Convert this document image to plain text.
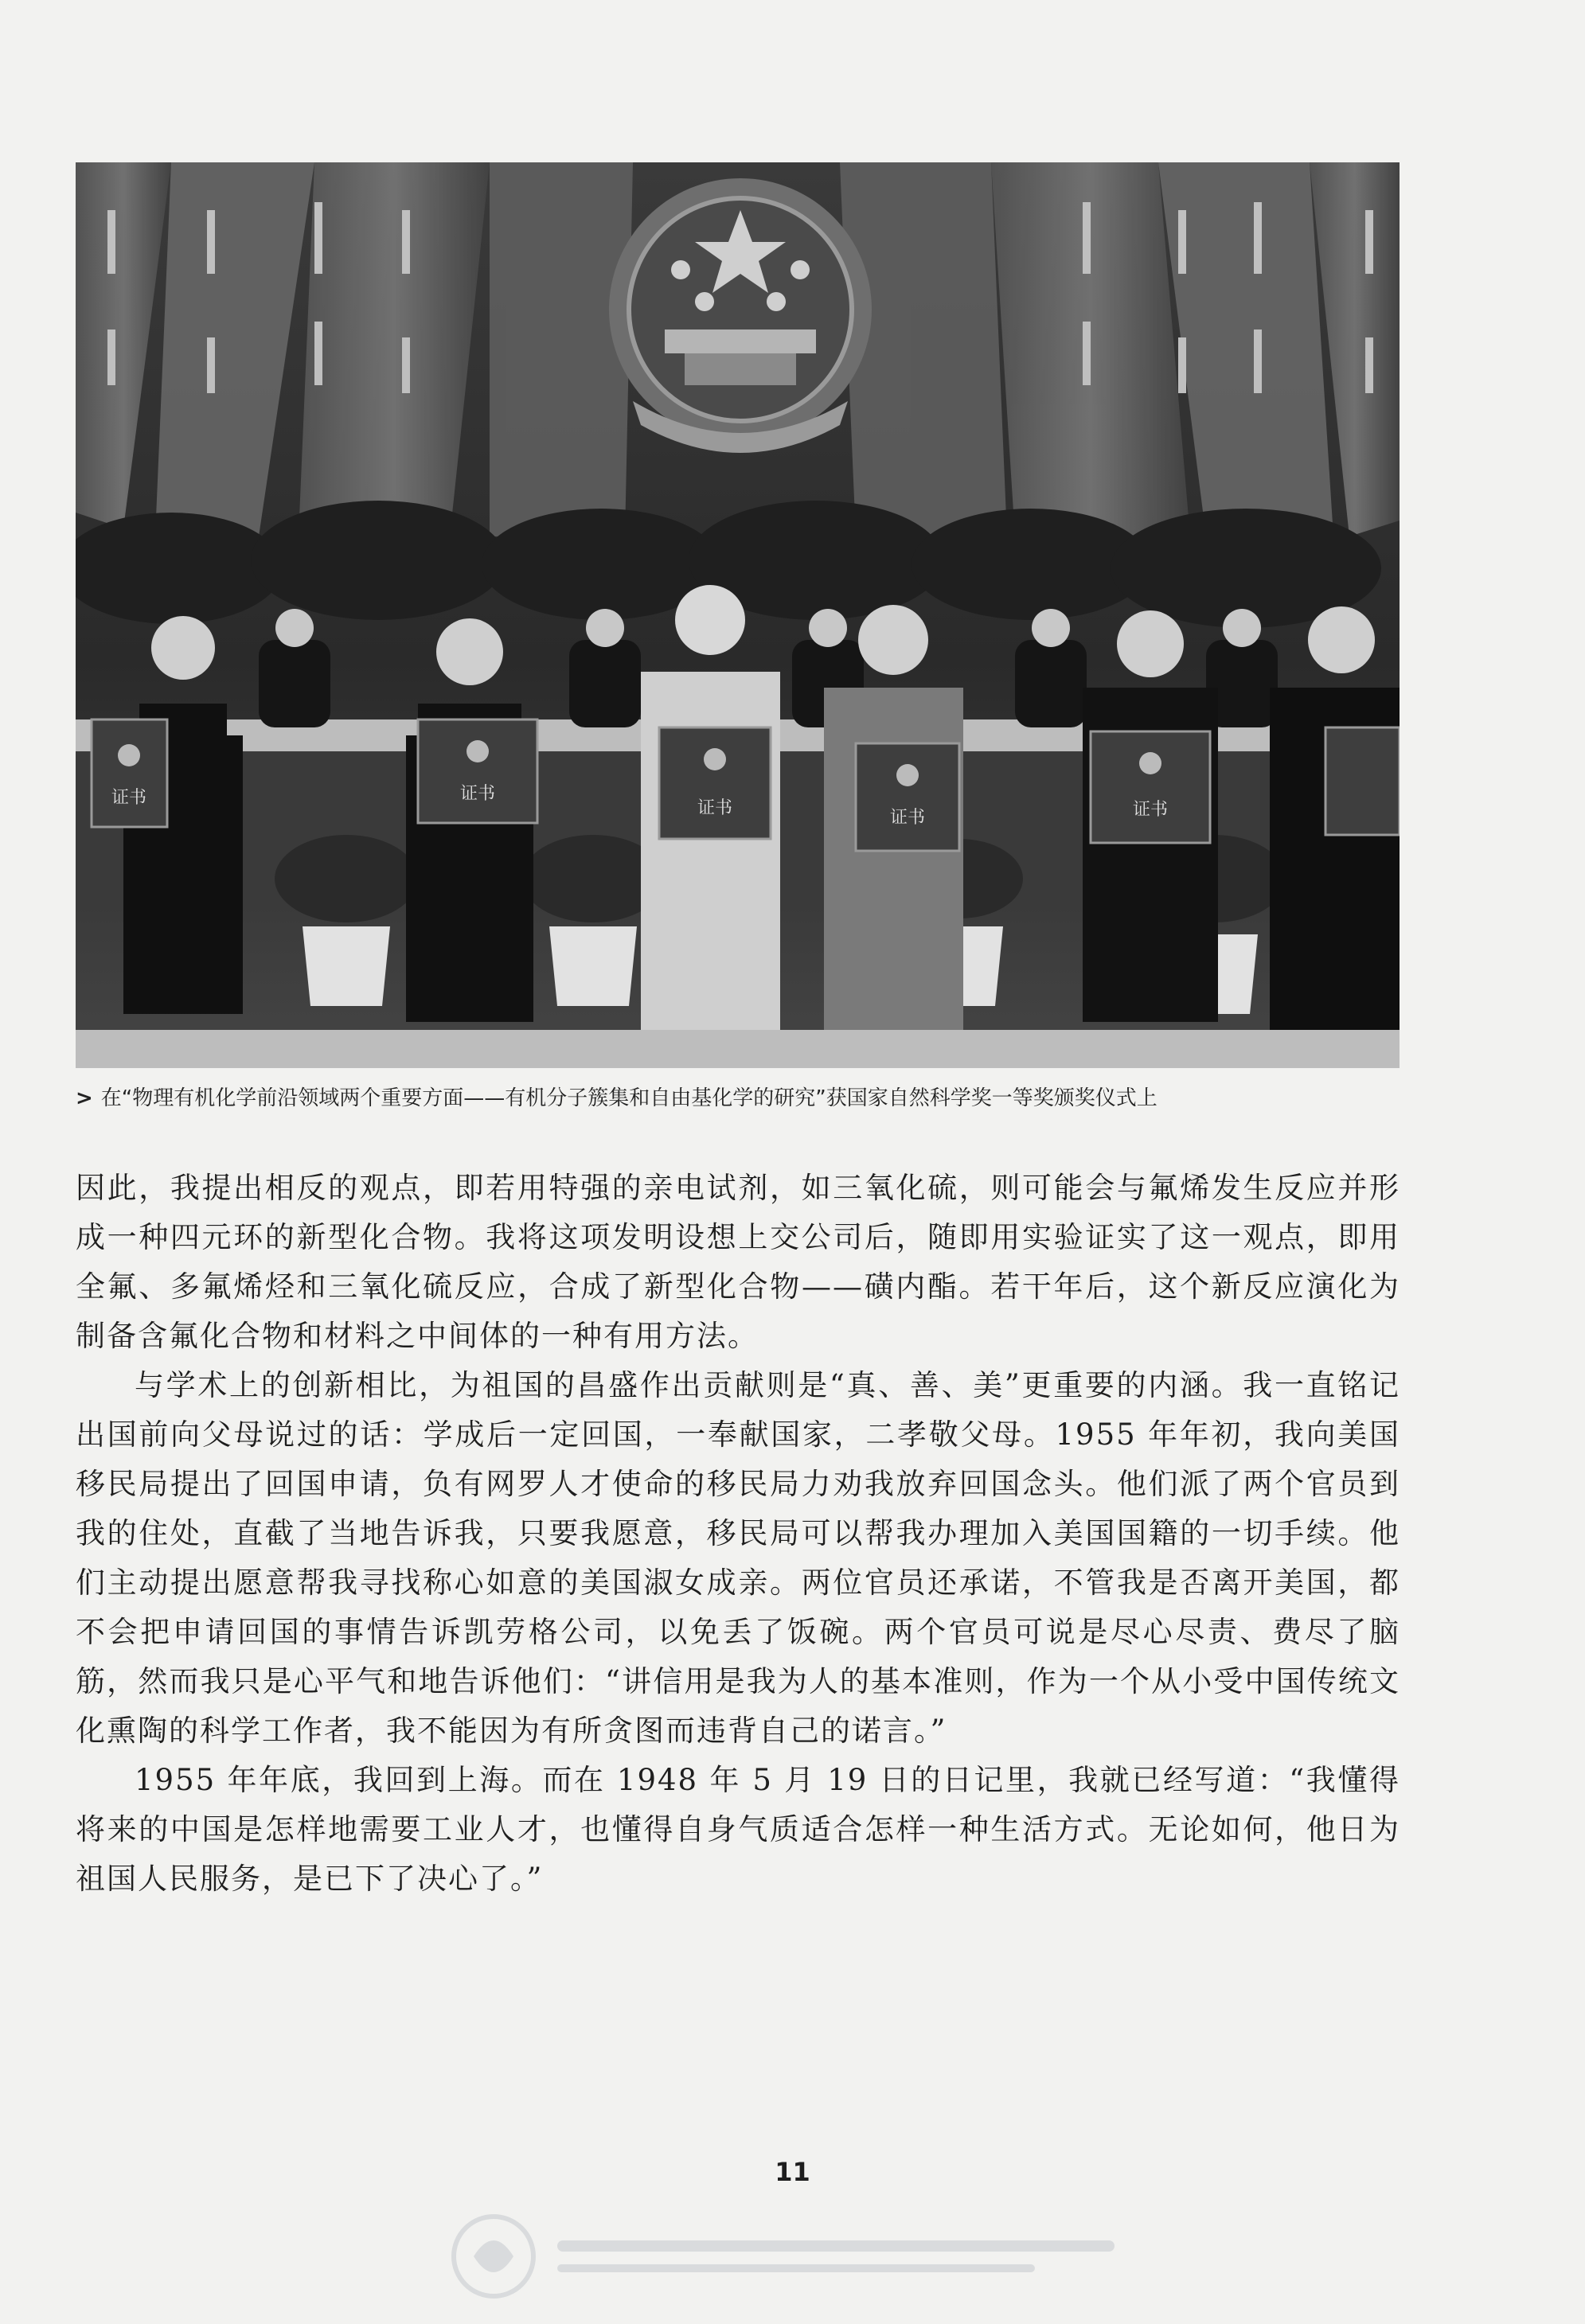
证书	证书
证书	证书	证书
> 在“物理有机化学前沿领域两个重要方面——有机分子簇集和自由基化学的研究”获国家自然科学奖一等奖颁奖仪式上

因此，我提出相反的观点，即若用特强的亲电试剂，如三氧化硫，则可能会与氟烯发生反应并形成一种四元环的新型化合物。我将这项发明设想上交公司后，随即用实验证实了这一观点，即用全氟、多氟烯烃和三氧化硫反应，合成了新型化合物——磺内酯。若干年后，这个新反应演化为制备含氟化合物和材料之中间体的一种有用方法。

与学术上的创新相比，为祖国的昌盛作出贡献则是“真、善、美”更重要的内涵。我一直铭记出国前向父母说过的话：学成后一定回国，一奉献国家，二孝敬父母。1955 年年初，我向美国移民局提出了回国申请，负有网罗人才使命的移民局力劝我放弃回国念头。他们派了两个官员到我的住处，直截了当地告诉我，只要我愿意，移民局可以帮我办理加入美国国籍的一切手续。他们主动提出愿意帮我寻找称心如意的美国淑女成亲。两位官员还承诺，不管我是否离开美国，都不会把申请回国的事情告诉凯劳格公司，以免丢了饭碗。两个官员可说是尽心尽责、费尽了脑筋，然而我只是心平气和地告诉他们：“讲信用是我为人的基本准则，作为一个从小受中国传统文化熏陶的科学工作者，我不能因为有所贪图而违背自己的诺言。”

1955 年年底，我回到上海。而在 1948 年 5 月 19 日的日记里，我就已经写道：“我懂得将来的中国是怎样地需要工业人才，也懂得自身气质适合怎样一种生活方式。无论如何，他日为祖国人民服务，是已下了决心了。”

11
